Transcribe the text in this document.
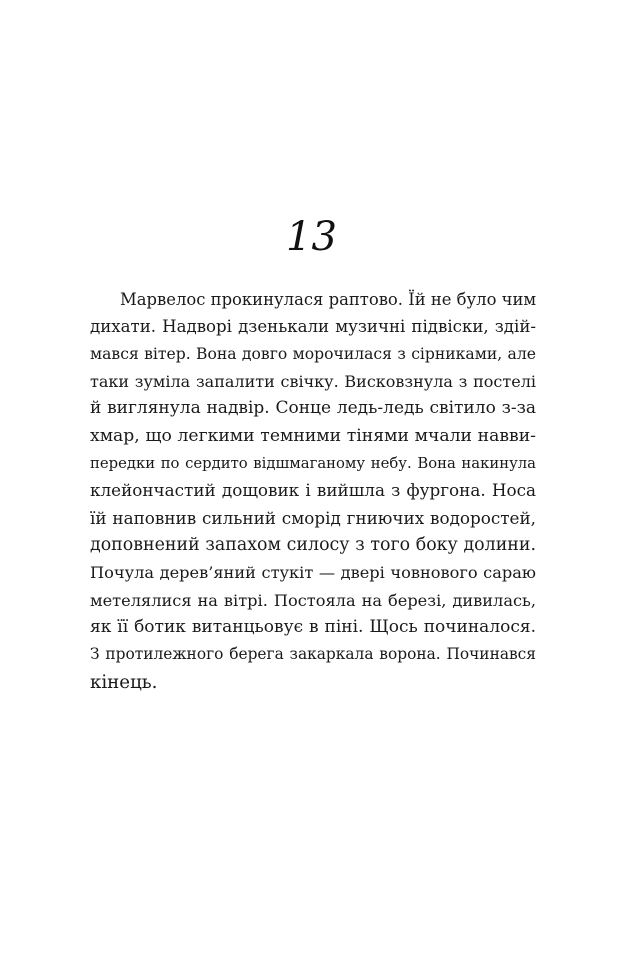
13
Марвелос прокинулася раптово. Їй не було чим
дихати. Надворі дзенькали музичні підвіски, здій-
мався вітер. Вона довго морочилася з сірниками, але
таки зуміла запалити свічку. Висковзнула з постелі
й виглянула надвір. Сонце ледь-ледь світило з-за
хмар, що легкими темними тінями мчали навви-
передки по сердито відшмаганому небу. Вона накинула
клейончастий дощовик і вийшла з фургона. Носа
їй наповнив сильний сморід гниючих водоростей,
доповнений запахом силосу з того боку долини.
Почула дерев’яний стукіт — двері човнового сараю
метелялися на вітрі. Постояла на березі, дивилась,
як її ботик витанцьовує в піні. Щось починалося.
З протилежного берега закаркала ворона. Починався
кінець.
